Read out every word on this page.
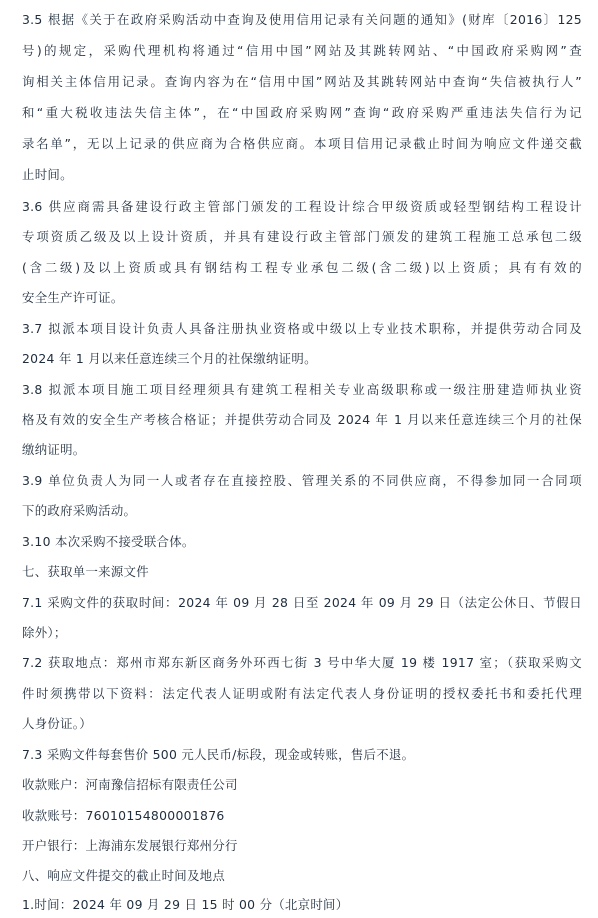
3.5 根据《关于在政府采购活动中查询及使用信用记录有关问题的通知》(财库〔2016〕125
号)的规定，采购代理机构将通过“信用中国”网站及其跳转网站、“中国政府采购网”查
询相关主体信用记录。查询内容为在“信用中国”网站及其跳转网站中查询“失信被执行人”
和“重大税收违法失信主体”，在“中国政府采购网”查询“政府采购严重违法失信行为记
录名单”，无以上记录的供应商为合格供应商。本项目信用记录截止时间为响应文件递交截
止时间。
3.6 供应商需具备建设行政主管部门颁发的工程设计综合甲级资质或轻型钢结构工程设计
专项资质乙级及以上设计资质，并具有建设行政主管部门颁发的建筑工程施工总承包二级
(含二级)及以上资质或具有钢结构工程专业承包二级(含二级)以上资质；具有有效的
安全生产许可证。
3.7 拟派本项目设计负责人具备注册执业资格或中级以上专业技术职称，并提供劳动合同及
2024 年 1 月以来任意连续三个月的社保缴纳证明。
3.8 拟派本项目施工项目经理须具有建筑工程相关专业高级职称或一级注册建造师执业资
格及有效的安全生产考核合格证；并提供劳动合同及 2024 年 1 月以来任意连续三个月的社保
缴纳证明。
3.9 单位负责人为同一人或者存在直接控股、管理关系的不同供应商，不得参加同一合同项
下的政府采购活动。
3.10 本次采购不接受联合体。
七、获取单一来源文件
7.1 采购文件的获取时间：2024 年 09 月 28 日至 2024 年 09 月 29 日（法定公休日、节假日
除外）；
7.2 获取地点：郑州市郑东新区商务外环西七街 3 号中华大厦 19 楼 1917 室；（获取采购文
件时须携带以下资料：法定代表人证明或附有法定代表人身份证明的授权委托书和委托代理
人身份证。）
7.3 采购文件每套售价 500 元人民币/标段，现金或转账，售后不退。
收款账户：河南豫信招标有限责任公司
收款账号：76010154800001876
开户银行：上海浦东发展银行郑州分行
八、响应文件提交的截止时间及地点
1.时间：2024 年 09 月 29 日 15 时 00 分（北京时间）
